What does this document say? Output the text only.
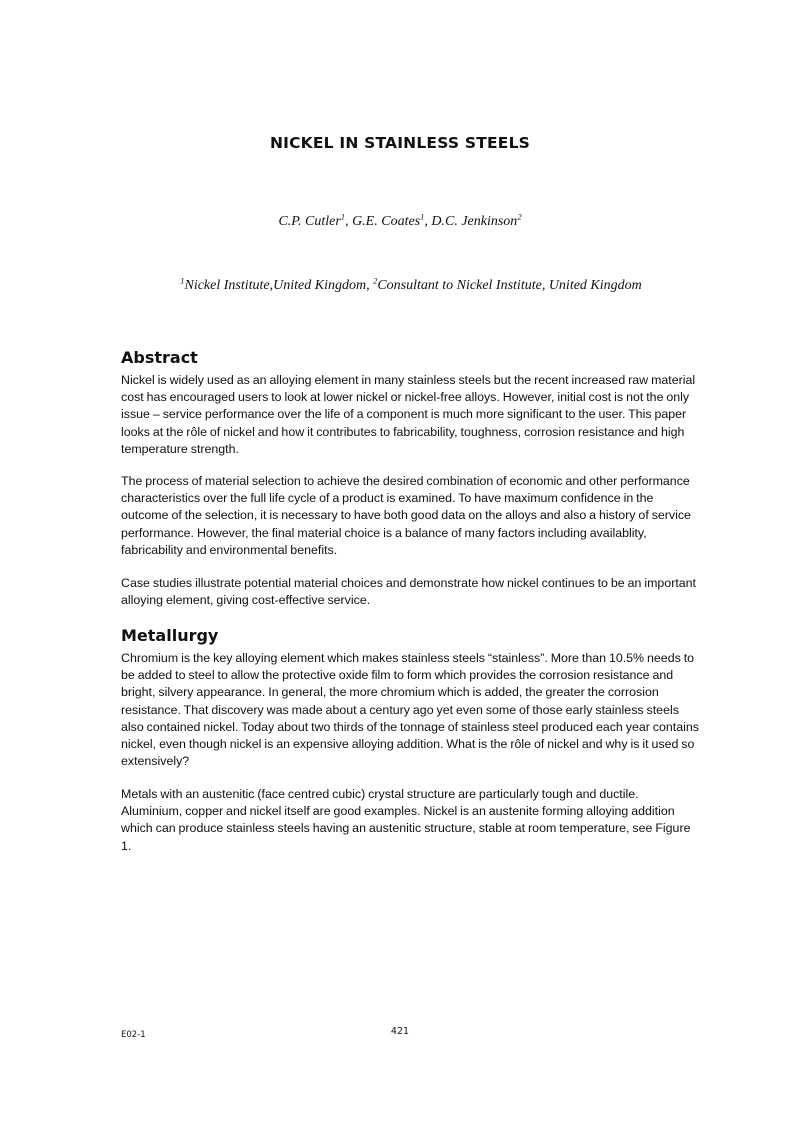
NICKEL IN STAINLESS STEELS

C.P. Cutler$^1$, G.E. Coates$^1$, D.C. Jenkinson$^2$

$^1$Nickel Institute,United Kingdom, $^2$Consultant to Nickel Institute, United Kingdom

Abstract

Nickel is widely used as an alloying element in many stainless steels but the recent increased raw material cost has encouraged users to look at lower nickel or nickel-free alloys. However, initial cost is not the only issue – service performance over the life of a component is much more significant to the user. This paper looks at the rôle of nickel and how it contributes to fabricability, toughness, corrosion resistance and high temperature strength.

The process of material selection to achieve the desired combination of economic and other performance characteristics over the full life cycle of a product is examined. To have maximum confidence in the outcome of the selection, it is necessary to have both good data on the alloys and also a history of service performance. However, the final material choice is a balance of many factors including availablity, fabricability and environmental benefits.

Case studies illustrate potential material choices and demonstrate how nickel continues to be an important alloying element, giving cost-effective service.

Metallurgy

Chromium is the key alloying element which makes stainless steels “stainless”. More than 10.5% needs to be added to steel to allow the protective oxide film to form which provides the corrosion resistance and bright, silvery appearance. In general, the more chromium which is added, the greater the corrosion resistance. That discovery was made about a century ago yet even some of those early stainless steels also contained nickel. Today about two thirds of the tonnage of stainless steel produced each year contains nickel, even though nickel is an expensive alloying addition. What is the rôle of nickel and why is it used so extensively?

Metals with an austenitic (face centred cubic) crystal structure are particularly tough and ductile. Aluminium, copper and nickel itself are good examples. Nickel is an austenite forming alloying addition which can produce stainless steels having an austenitic structure, stable at room temperature, see Figure 1.

E02-1	421
